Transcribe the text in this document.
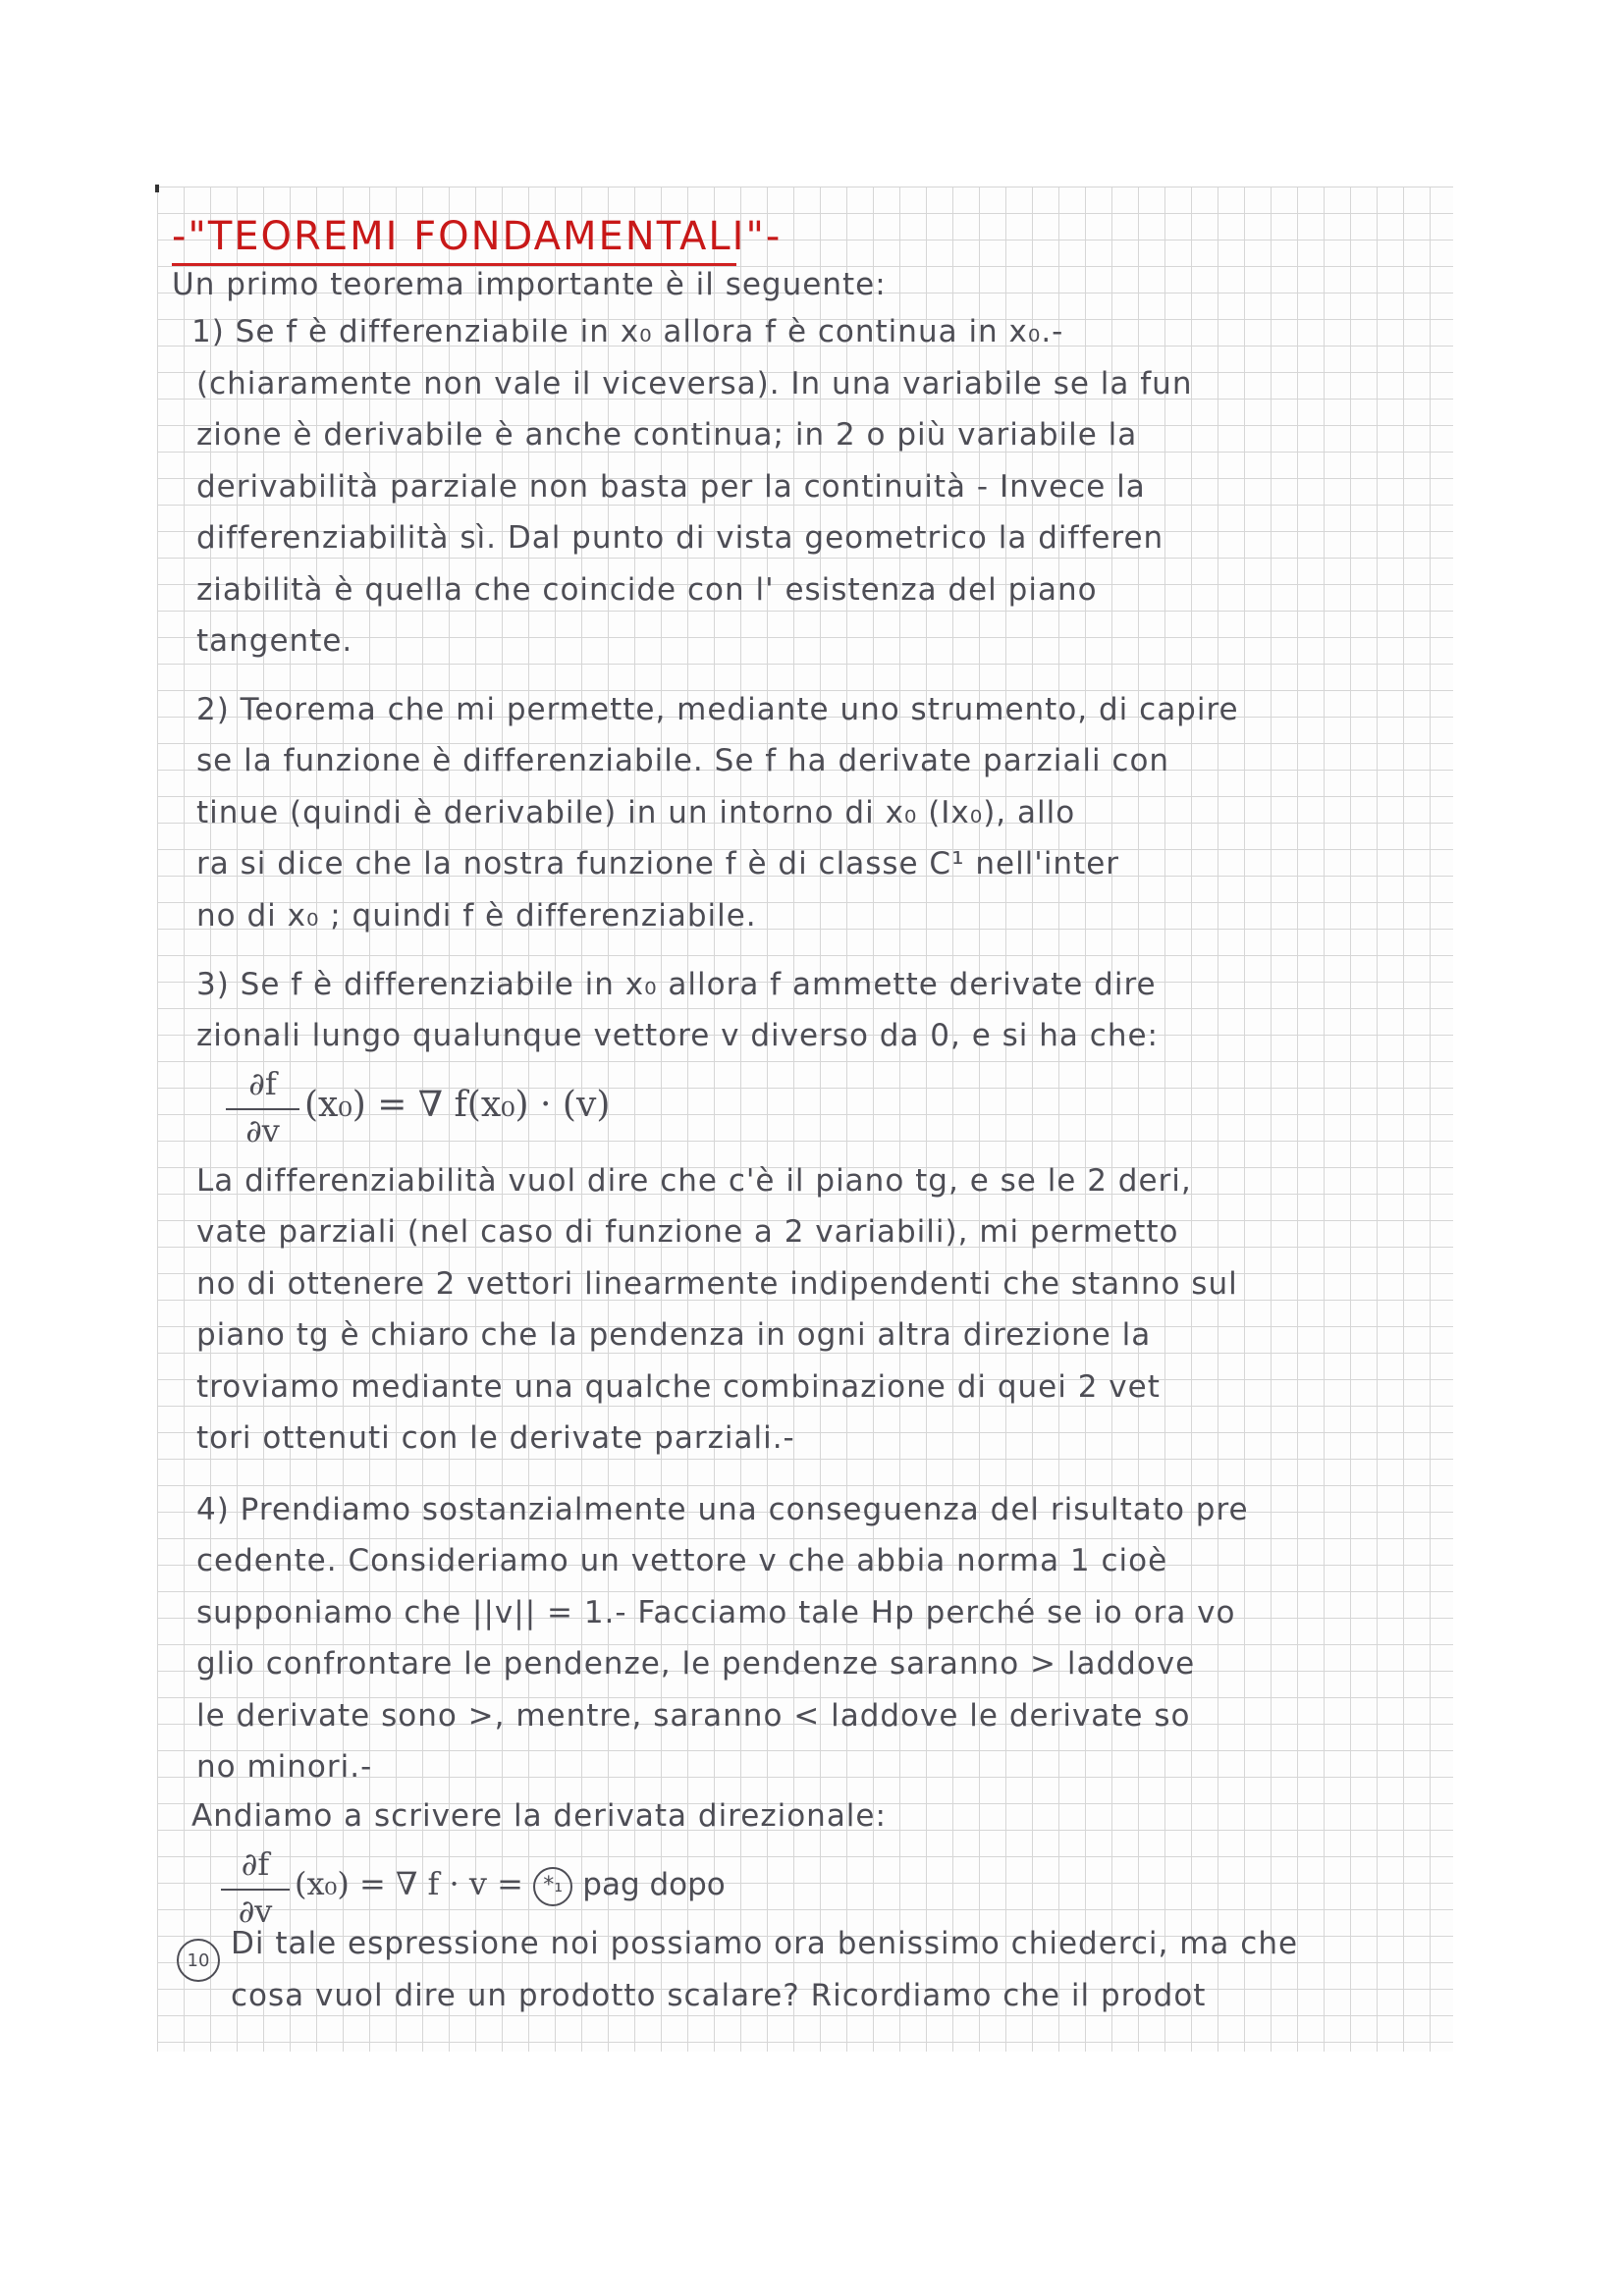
-"TEOREMI FONDAMENTALI"-
Un primo teorema importante è il seguente:
1) Se f è differenziabile in x₀ allora f è continua in x₀.-
(chiaramente non vale il viceversa). In una variabile se la fun
zione è derivabile è anche continua; in 2 o più variabile la
derivabilità parziale non basta per la continuità - Invece la
differenziabilità sì. Dal punto di vista geometrico la differen
ziabilità è quella che coincide con l' esistenza del piano
tangente.
2) Teorema che mi permette, mediante uno strumento, di capire
se la funzione è differenziabile. Se f ha derivate parziali con
tinue (quindi è derivabile) in un intorno di x₀ (Ix₀), allo
ra si dice che la nostra funzione f è di classe C¹ nell'inter
no di x₀ ; quindi f è differenziabile.
3) Se f è differenziabile in x₀ allora f ammette derivate dire
zionali lungo qualunque vettore v diverso da 0, e si ha che:
∂f
∂v
(x₀) = ∇ f(x₀) · (v)
La differenziabilità vuol dire che c'è il piano tg, e se le 2 deri,
vate parziali (nel caso di funzione a 2 variabili), mi permetto
no di ottenere 2 vettori linearmente indipendenti che stanno sul
piano tg è chiaro che la pendenza in ogni altra direzione la
troviamo mediante una qualche combinazione di quei 2 vet
tori ottenuti con le derivate parziali.-
4) Prendiamo sostanzialmente una conseguenza del risultato pre
cedente. Consideriamo un vettore v che abbia norma 1 cioè
supponiamo che ||v|| = 1.- Facciamo tale Hp perché se io ora vo
glio confrontare le pendenze, le pendenze saranno > laddove
le derivate sono >, mentre, saranno < laddove le derivate so
no minori.-
Andiamo a scrivere la derivata direzionale:
∂f
∂v
(x₀) = ∇ f · v = *₁ pag dopo
10 Di tale espressione noi possiamo ora benissimo chiederci, ma che
cosa vuol dire un prodotto scalare? Ricordiamo che il prodot
